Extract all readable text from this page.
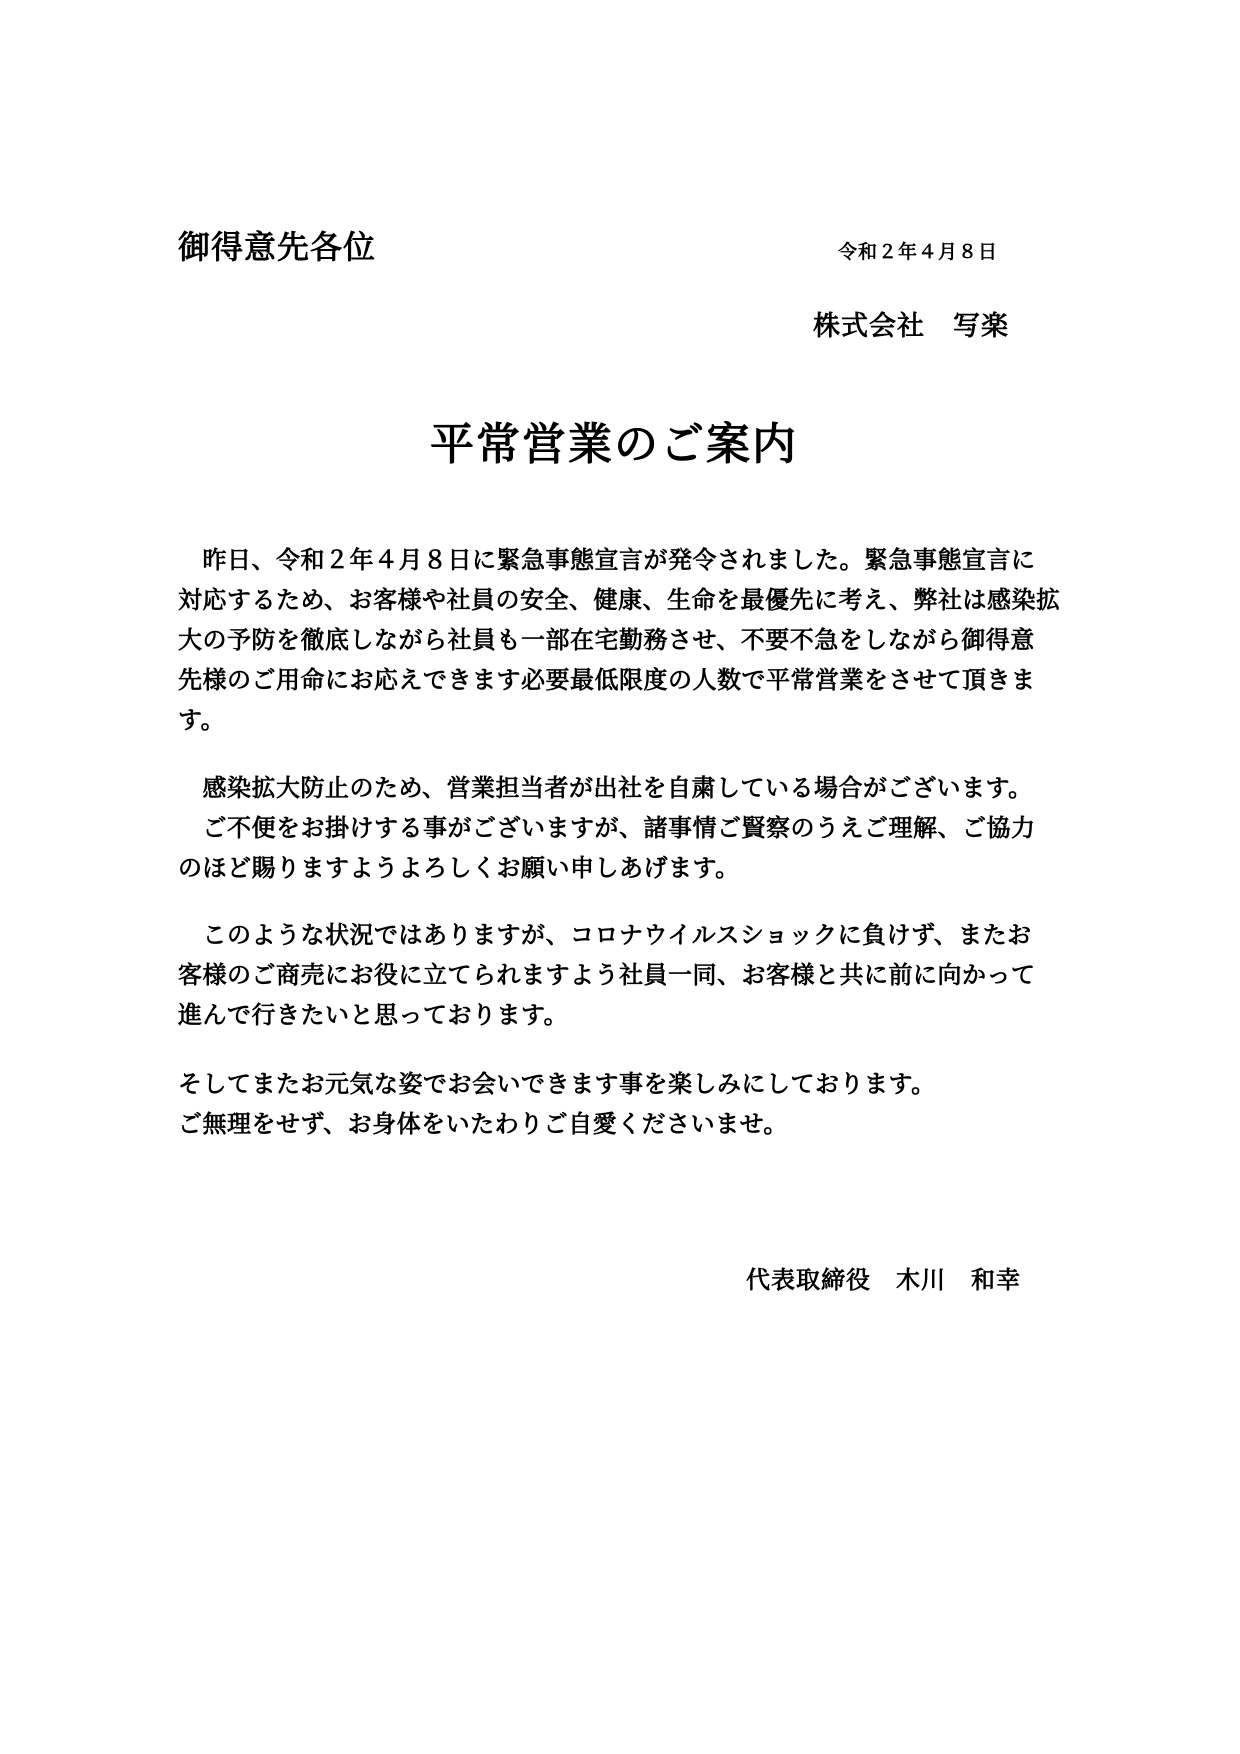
御得意先各位	令和２年４月８日
株式会社　写楽
平常営業のご案内
　昨日、令和２年４月８日に緊急事態宣言が発令されました。緊急事態宣言に
対応するため、お客様や社員の安全、健康、生命を最優先に考え、弊社は感染拡
大の予防を徹底しながら社員も一部在宅勤務させ、不要不急をしながら御得意
先様のご用命にお応えできます必要最低限度の人数で平常営業をさせて頂きま
す。
　感染拡大防止のため、営業担当者が出社を自粛している場合がございます。
　ご不便をお掛けする事がございますが、諸事情ご賢察のうえご理解、ご協力
のほど賜りますようよろしくお願い申しあげます。
　このような状況ではありますが、コロナウイルスショックに負けず、またお
客様のご商売にお役に立てられますよう社員一同、お客様と共に前に向かって
進んで行きたいと思っております。
そしてまたお元気な姿でお会いできます事を楽しみにしております。
ご無理をせず、お身体をいたわりご自愛くださいませ。
代表取締役　木川　和幸
